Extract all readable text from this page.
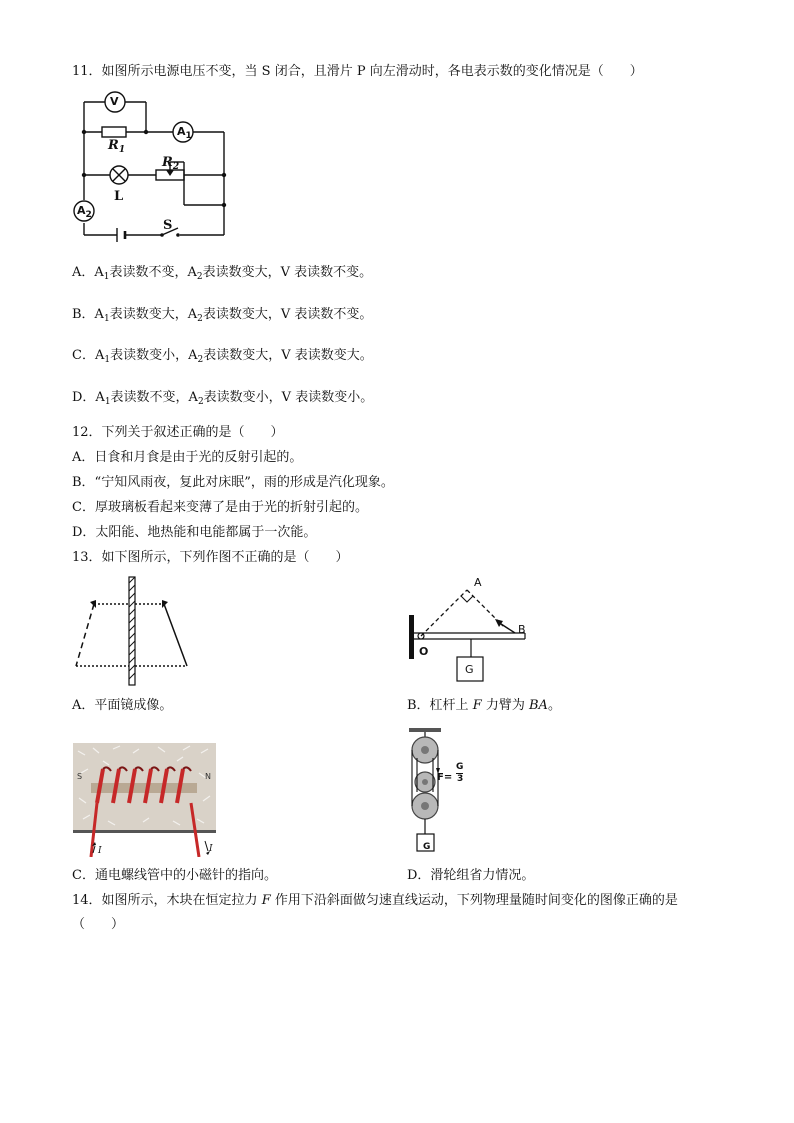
11．如图所示电源电压不变，当 S 闭合，且滑片 P 向左滑动时，各电表示数的变化情况是（　　）
V
$A_1$
$A_2$
$R_1$
$R_2$
L
S
A．$A_1$表读数不变，$A_2$表读数变大，V 表读数不变。
B．$A_1$表读数变大，$A_2$表读数变大，V 表读数不变。
C．$A_1$表读数变小，$A_2$表读数变大，V 表读数变大。
D．$A_1$表读数不变，$A_2$表读数变小，V 表读数变小。
12．下列关于叙述正确的是（　　）
A．日食和月食是由于光的反射引起的。
B．“宁知风雨夜，复此对床眠”，雨的形成是汽化现象。
C．厚玻璃板看起来变薄了是由于光的折射引起的。
D．太阳能、地热能和电能都属于一次能。
13．如下图所示，下列作图不正确的是（　　）
A
B
O
G
A．平面镜成像。	B．杠杆上 F 力臂为 BA。
S	N
I	I
F=
G
3
G
C．通电螺线管中的小磁针的指向。	D．滑轮组省力情况。
14．如图所示，木块在恒定拉力 F 作用下沿斜面做匀速直线运动，下列物理量随时间变化的图像正确的是
（　　）
